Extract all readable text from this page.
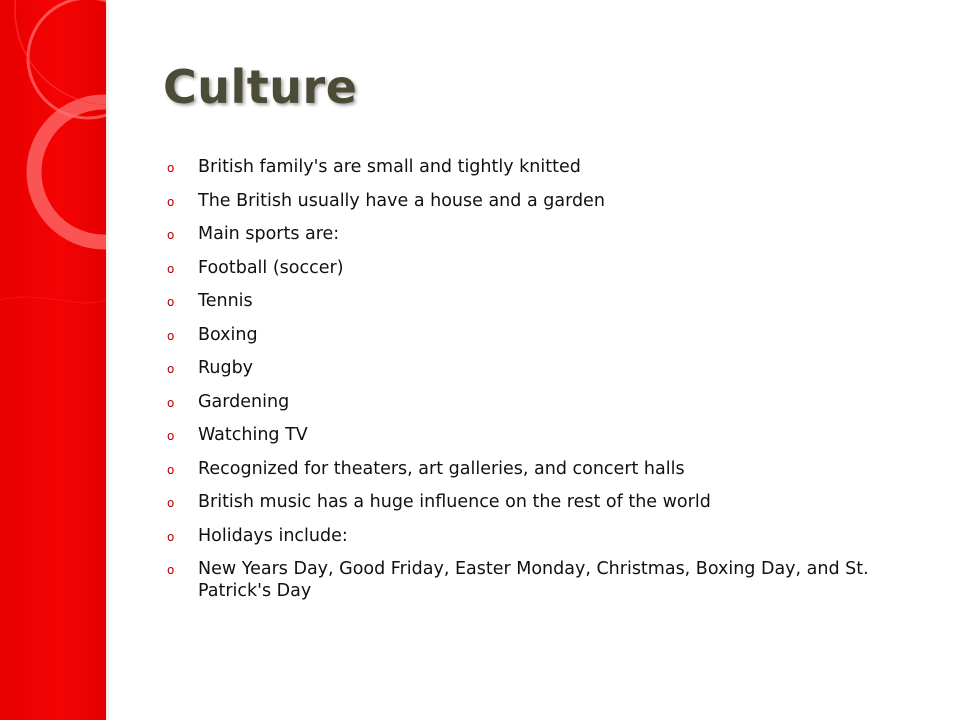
Culture
o British family's are small and tightly knitted
o The British usually have a house and a garden
o Main sports are:
o Football (soccer)
o Tennis
o Boxing
o Rugby
o Gardening
o Watching TV
o Recognized for theaters, art galleries, and concert halls
o British music has a huge influence on the rest of the world
o Holidays include:
o New Years Day, Good Friday, Easter Monday, Christmas, Boxing Day, and St. Patrick's Day
